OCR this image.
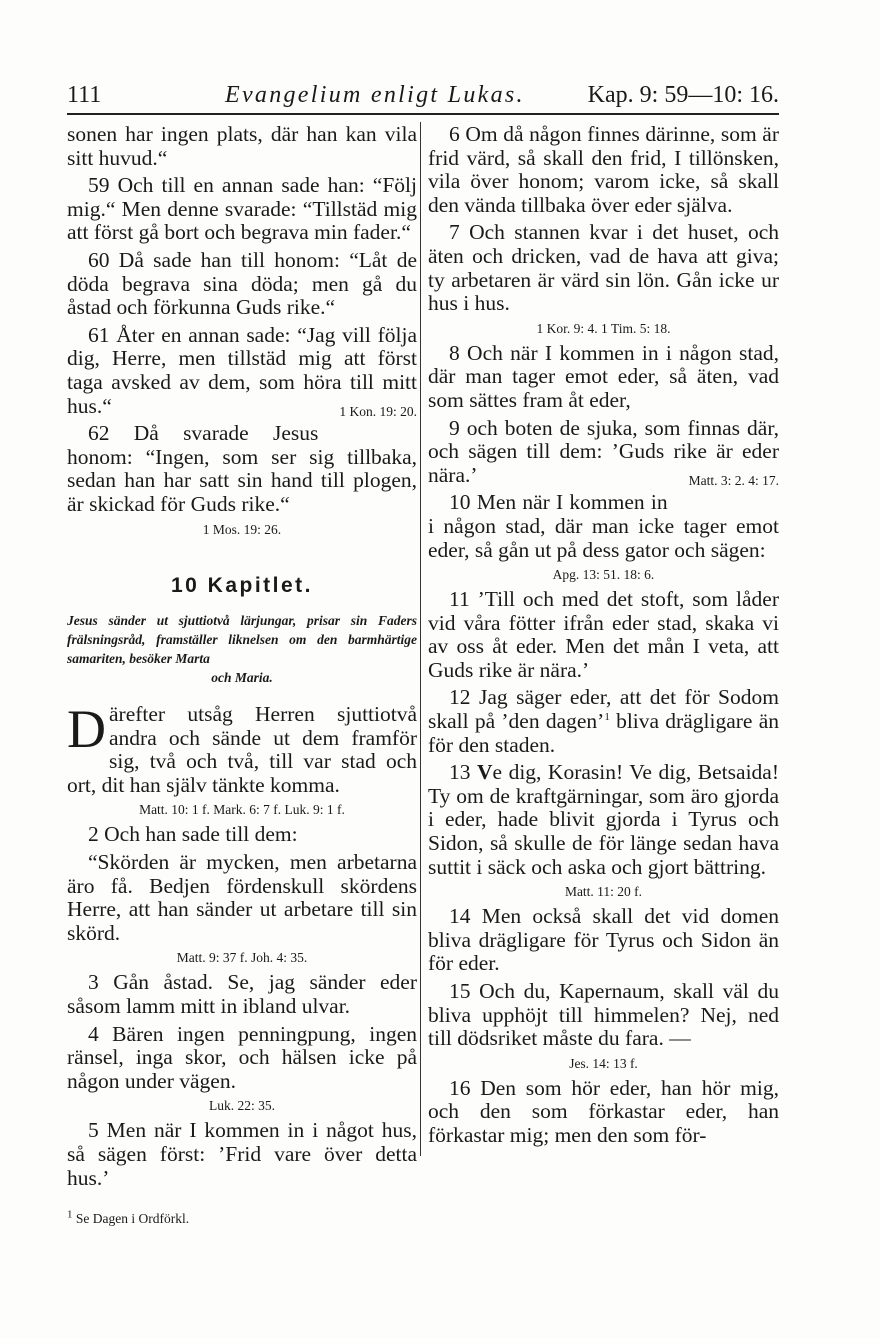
111	Evangelium enligt Lukas.	Kap. 9: 59—10: 16.

sonen har ingen plats, där han kan vila sitt huvud.“

59 Och till en annan sade han: “Följ mig.“ Men denne svarade: “Tillstäd mig att först gå bort och begrava min fader.“

60 Då sade han till honom: “Låt de döda begrava sina döda; men gå du åstad och förkunna Guds rike.“

61 Åter en annan sade: “Jag vill följa dig, Herre, men tillstäd mig att först taga avsked av dem, som höra till mitt hus.“	1 Kon. 19: 20.

62 Då svarade Jesus honom: “Ingen, som ser sig tillbaka, sedan han har satt sin hand till plogen, är skickad för Guds rike.“

1 Mos. 19: 26.

10 Kapitlet.

Jesus sänder ut sjuttiotvå lärjungar, prisar sin Faders frälsningsråd, framställer liknelsen om den barmhärtige samariten, besöker Marta
och Maria.

Därefter utsåg Herren sjuttiotvå andra och sände ut dem framför sig, två och två, till var stad och ort, dit han själv tänkte komma.

Matt. 10: 1 f. Mark. 6: 7 f. Luk. 9: 1 f.

2 Och han sade till dem:

“Skörden är mycken, men arbetarna äro få. Bedjen fördenskull skördens Herre, att han sänder ut arbetare till sin skörd.

Matt. 9: 37 f. Joh. 4: 35.

3 Gån åstad. Se, jag sänder eder såsom lamm mitt in ibland ulvar.

4 Bären ingen penningpung, ingen ränsel, inga skor, och hälsen icke på någon under vägen.

Luk. 22: 35.

5 Men när I kommen in i något hus, så sägen först: ’Frid vare över detta hus.’

$^1$ Se Dagen i Ordförkl.

6 Om då någon finnes därinne, som är frid värd, så skall den frid, I tillönsken, vila över honom; varom icke, så skall den vända tillbaka över eder själva.

7 Och stannen kvar i det huset, och äten och dricken, vad de hava att giva; ty arbetaren är värd sin lön. Gån icke ur hus i hus.

1 Kor. 9: 4. 1 Tim. 5: 18.

8 Och när I kommen in i någon stad, där man tager emot eder, så äten, vad som sättes fram åt eder,

9 och boten de sjuka, som finnas där, och sägen till dem: ’Guds rike är eder nära.’	Matt. 3: 2. 4: 17.

10 Men när I kommen in i någon stad, där man icke tager emot eder, så gån ut på dess gator och sägen:

Apg. 13: 51. 18: 6.

11 ’Till och med det stoft, som låder vid våra fötter ifrån eder stad, skaka vi av oss åt eder. Men det mån I veta, att Guds rike är nära.’

12 Jag säger eder, att det för Sodom skall på ’den dagen’$^1$ bliva drägligare än för den staden.

13 Ve dig, Korasin! Ve dig, Betsaida! Ty om de kraftgärningar, som äro gjorda i eder, hade blivit gjorda i Tyrus och Sidon, så skulle de för länge sedan hava suttit i säck och aska och gjort bättring.

Matt. 11: 20 f.

14 Men också skall det vid domen bliva drägligare för Tyrus och Sidon än för eder.

15 Och du, Kapernaum, skall väl du bliva upphöjt till himmelen? Nej, ned till dödsriket måste du fara. —

Jes. 14: 13 f.

16 Den som hör eder, han hör mig, och den som förkastar eder, han förkastar mig; men den som för-
